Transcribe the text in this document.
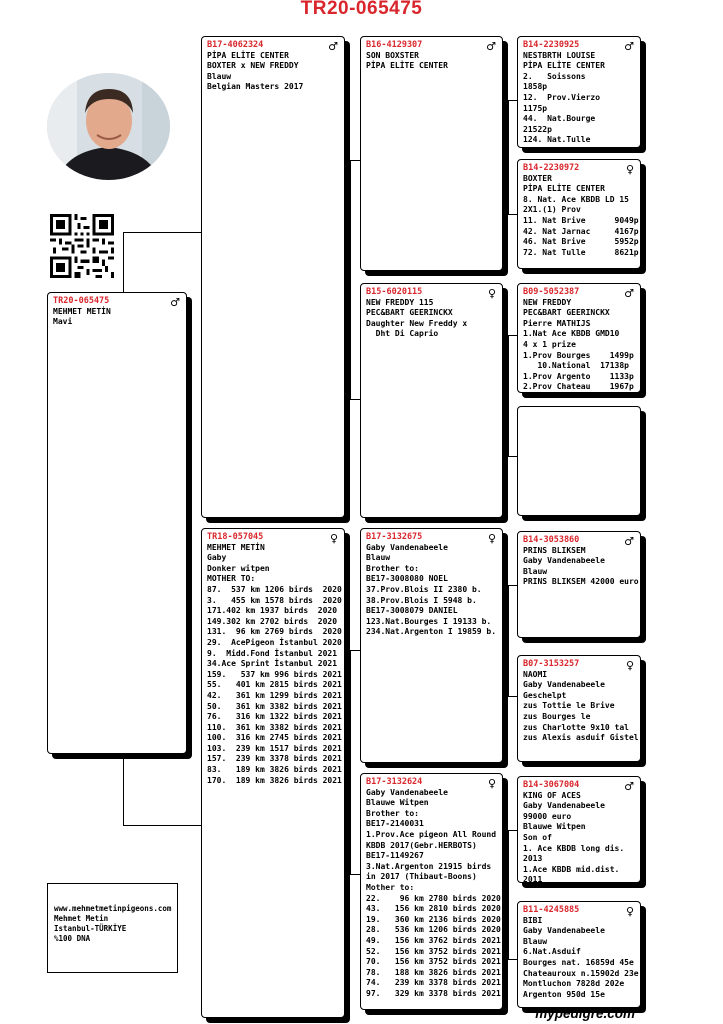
TR20-065475
♂
TR20-065475
MEHMET METİN
Mavi
♂
B17-4062324
PİPA ELİTE CENTER
BOXTER x NEW FREDDY
Blauw
Belgian Masters 2017
♀
TR18-057045
MEHMET METİN
Gaby
Donker witpen
MOTHER TO:
87.  537 km 1206 birds  2020
3.   455 km 1578 birds  2020
171.402 km 1937 birds  2020
149.302 km 2702 birds  2020
131.  96 km 2769 birds  2020
29.  AcePigeon İstanbul 2020
9.  Midd.Fond İstanbul 2021
34.Ace Sprint İstanbul 2021
159.   537 km 996 birds 2021
55.   401 km 2815 birds 2021
42.   361 km 1299 birds 2021
50.   361 km 3382 birds 2021
76.   316 km 1322 birds 2021
110.  361 km 3382 birds 2021
100.  316 km 2745 birds 2021
103.  239 km 1517 birds 2021
157.  239 km 3378 birds 2021
83.   189 km 3826 birds 2021
170.  189 km 3826 birds 2021
♂
B16-4129307
SON BOXSTER
PİPA ELİTE CENTER
♀
B15-6020115
NEW FREDDY 115
PEC&BART GEERINCKX
Daughter New Freddy x
Dht Di Caprio
♀
B17-3132675
Gaby Vandenabeele
Blauw
Brother to:
BE17-3008080 NOEL
37.Prov.Blois II 2380 b.
38.Prov.Blois I 5948 b.
BE17-3008079 DANIEL
123.Nat.Bourges I 19133 b.
234.Nat.Argenton I 19859 b.
♀
B17-3132624
Gaby Vandenabeele
Blauwe Witpen
Brother to:
BE17-2140031
1.Prov.Ace pigeon All Round
KBDB 2017(Gebr.HERBOTS)
BE17-1149267
3.Nat.Argenton 21915 birds
in 2017 (Thibaut-Boons)
Mother to:
22.    96 km 2780 birds 2020
43.   156 km 2810 birds 2020
19.   360 km 2136 birds 2020
28.   536 km 1206 birds 2020
49.   156 km 3762 birds 2021
52.   156 km 3752 birds 2021
70.   156 km 3752 birds 2021
78.   188 km 3826 birds 2021
74.   239 km 3378 birds 2021
97.   329 km 3378 birds 2021
♂
B14-2230925
NESTBRTH LOUISE
PİPA ELİTE CENTER
2.   Soissons
1858p
12.  Prov.Vierzo
1175p
44.  Nat.Bourge
21522p
124. Nat.Tulle
♀
B14-2230972
BOXTER
PİPA ELİTE CENTER
8. Nat. Ace KBDB LD 15
2X1.(1) Prov
11. Nat Brive      9049p
42. Nat Jarnac     4167p
46. Nat Brive      5952p
72. Nat Tulle      8621p
♂
B09-5052387
NEW FREDDY
PEC&BART GEERINCKX
Pierre MATHIJS
1.Nat Ace KBDB GMD10
4 x 1 prize
1.Prov Bourges    1499p
10.National  17138p
1.Prov Argento    1133p
2.Prov Chateau    1967p
♂
B14-3053860
PRINS BLIKSEM
Gaby Vandenabeele
Blauw
PRINS BLIKSEM 42000 euro
♀
B07-3153257
NAOMI
Gaby Vandenabeele
Geschelpt
zus Tottie le Brive
zus Bourges le
zus Charlotte 9x10 tal
zus Alexis asduif Gistel
♂
B14-3067004
KING OF ACES
Gaby Vandenabeele
99000 euro
Blauwe Witpen
Son of
1. Ace KBDB long dis.
2013
1.Ace KBDB mid.dist.
2011
♀
B11-4245885
BIBI
Gaby Vandenabeele
Blauw
6.Nat.Asduif
Bourges nat. 16859d 45e
Chateauroux n.15902d 23e
Montluchon 7828d 202e
Argenton 950d 15e
www.mehmetmetinpigeons.com
Mehmet Metin
Istanbul-TÜRKİYE
%100 DNA
mypedigre.com
